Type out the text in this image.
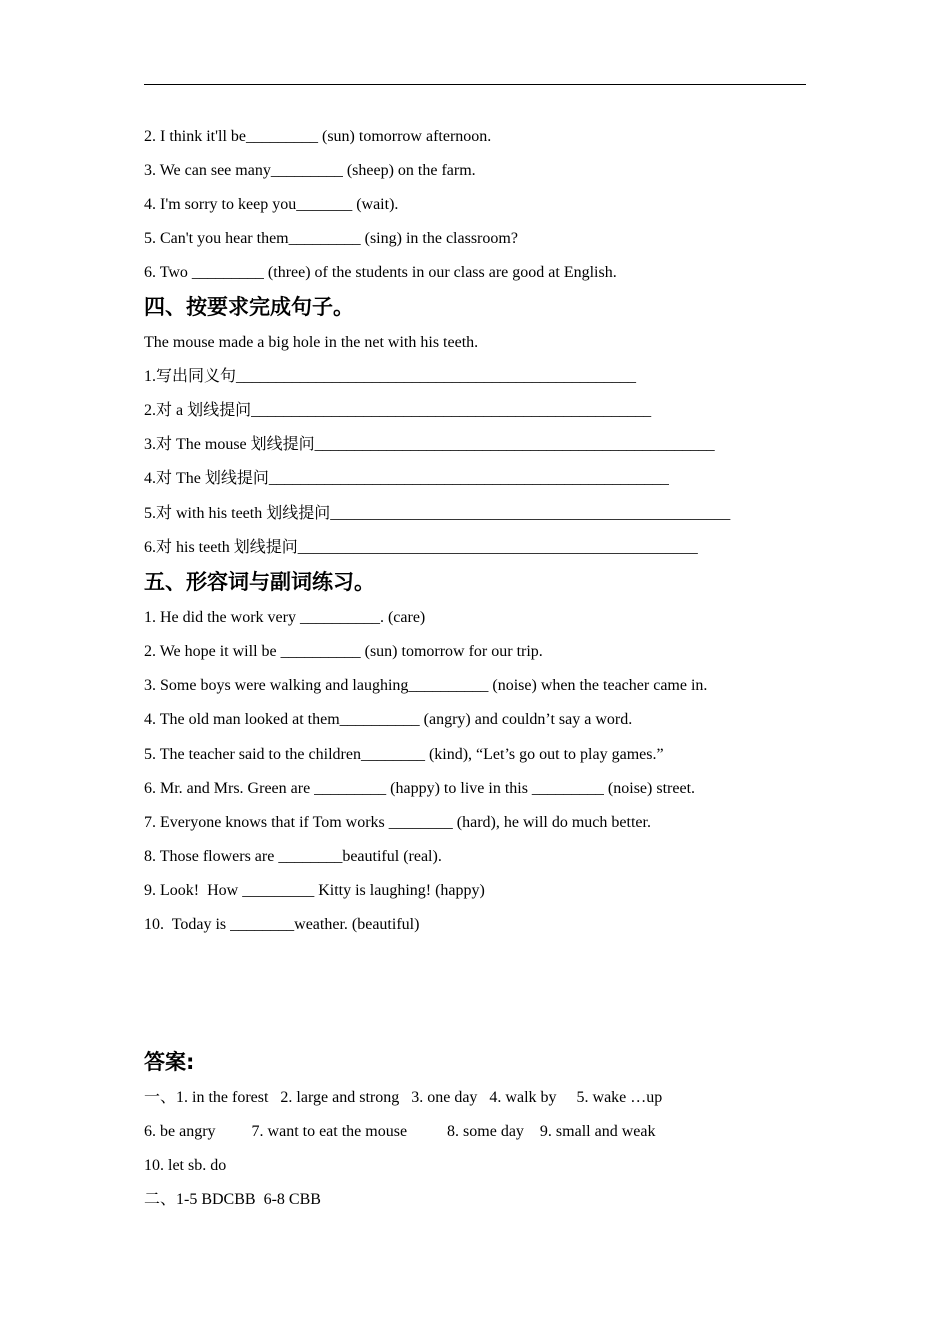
2. I think it'll be_________ (sun) tomorrow afternoon.
3. We can see many_________ (sheep) on the farm.
4. I'm sorry to keep you_______ (wait).
5. Can't you hear them_________ (sing) in the classroom?
6. Two _________ (three) of the students in our class are good at English.
四、按要求完成句子。
The mouse made a big hole in the net with his teeth.
1.写出同义句__________________________________________________
2.对 a 划线提问__________________________________________________
3.对 The mouse 划线提问__________________________________________________
4.对 The 划线提问__________________________________________________
5.对 with his teeth 划线提问__________________________________________________
6.对 his teeth 划线提问__________________________________________________
五、形容词与副词练习。
1. He did the work very __________. (care)
2. We hope it will be __________ (sun) tomorrow for our trip.
3. Some boys were walking and laughing__________ (noise) when the teacher came in.
4. The old man looked at them__________ (angry) and couldn’t say a word.
5. The teacher said to the children________ (kind), “Let’s go out to play games.”
6. Mr. and Mrs. Green are _________ (happy) to live in this _________ (noise) street.
7. Everyone knows that if Tom works ________ (hard), he will do much better.
8. Those flowers are ________beautiful (real).
9. Look!  How _________ Kitty is laughing! (happy)
10.  Today is ________weather. (beautiful)
答案:
一、1. in the forest   2. large and strong   3. one day   4. walk by     5. wake …up
6. be angry         7. want to eat the mouse          8. some day    9. small and weak
10. let sb. do
二、1-5 BDCBB  6-8 CBB
